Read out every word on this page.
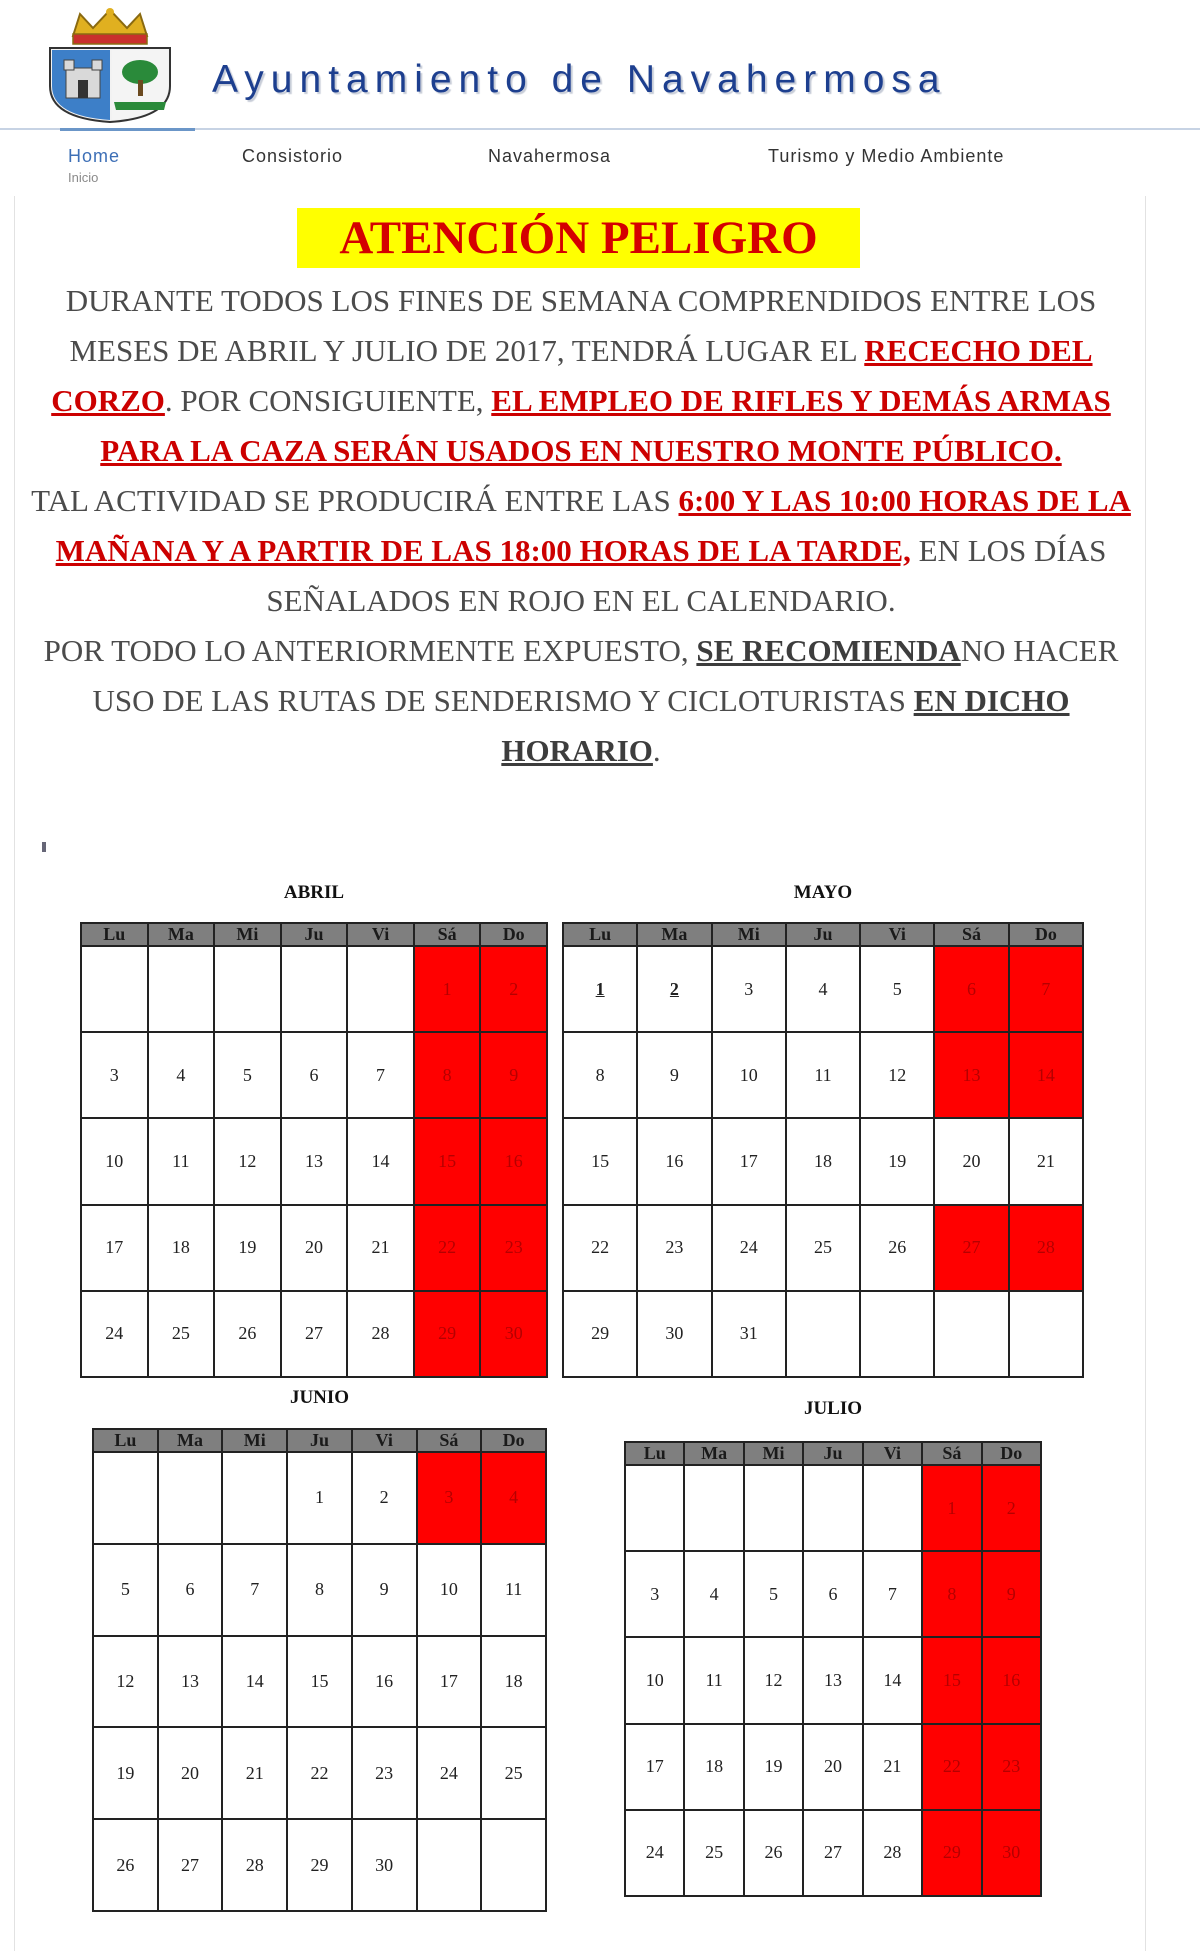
Ayuntamiento de Navahermosa
Home
Inicio
Consistorio	Navahermosa	Turismo y Medio Ambiente
ATENCIÓN PELIGRO
DURANTE TODOS LOS FINES DE SEMANA COMPRENDIDOS ENTRE LOS MESES DE ABRIL Y JULIO DE 2017, TENDRÁ LUGAR EL RECECHO DEL CORZO. POR CONSIGUIENTE, EL EMPLEO DE RIFLES Y DEMÁS ARMAS PARA LA CAZA SERÁN USADOS EN NUESTRO MONTE PÚBLICO.
TAL ACTIVIDAD SE PRODUCIRÁ ENTRE LAS 6:00 Y LAS 10:00 HORAS DE LA MAÑANA Y A PARTIR DE LAS 18:00 HORAS DE LA TARDE, EN LOS DÍAS SEÑALADOS EN ROJO EN EL CALENDARIO.
POR TODO LO ANTERIORMENTE EXPUESTO, SE RECOMIENDANO HACER USO DE LAS RUTAS DE SENDERISMO Y CICLOTURISTAS EN DICHO HORARIO.
ABRIL
Lu	Ma	Mi	Ju	Vi	Sá	Do
					1	2
3	4	5	6	7	8	9
10	11	12	13	14	15	16
17	18	19	20	21	22	23
24	25	26	27	28	29	30
MAYO
Lu	Ma	Mi	Ju	Vi	Sá	Do
1	2	3	4	5	6	7
8	9	10	11	12	13	14
15	16	17	18	19	20	21
22	23	24	25	26	27	28
29	30	31				
JUNIO
Lu	Ma	Mi	Ju	Vi	Sá	Do
			1	2	3	4
5	6	7	8	9	10	11
12	13	14	15	16	17	18
19	20	21	22	23	24	25
26	27	28	29	30		
JULIO
Lu	Ma	Mi	Ju	Vi	Sá	Do
					1	2
3	4	5	6	7	8	9
10	11	12	13	14	15	16
17	18	19	20	21	22	23
24	25	26	27	28	29	30
